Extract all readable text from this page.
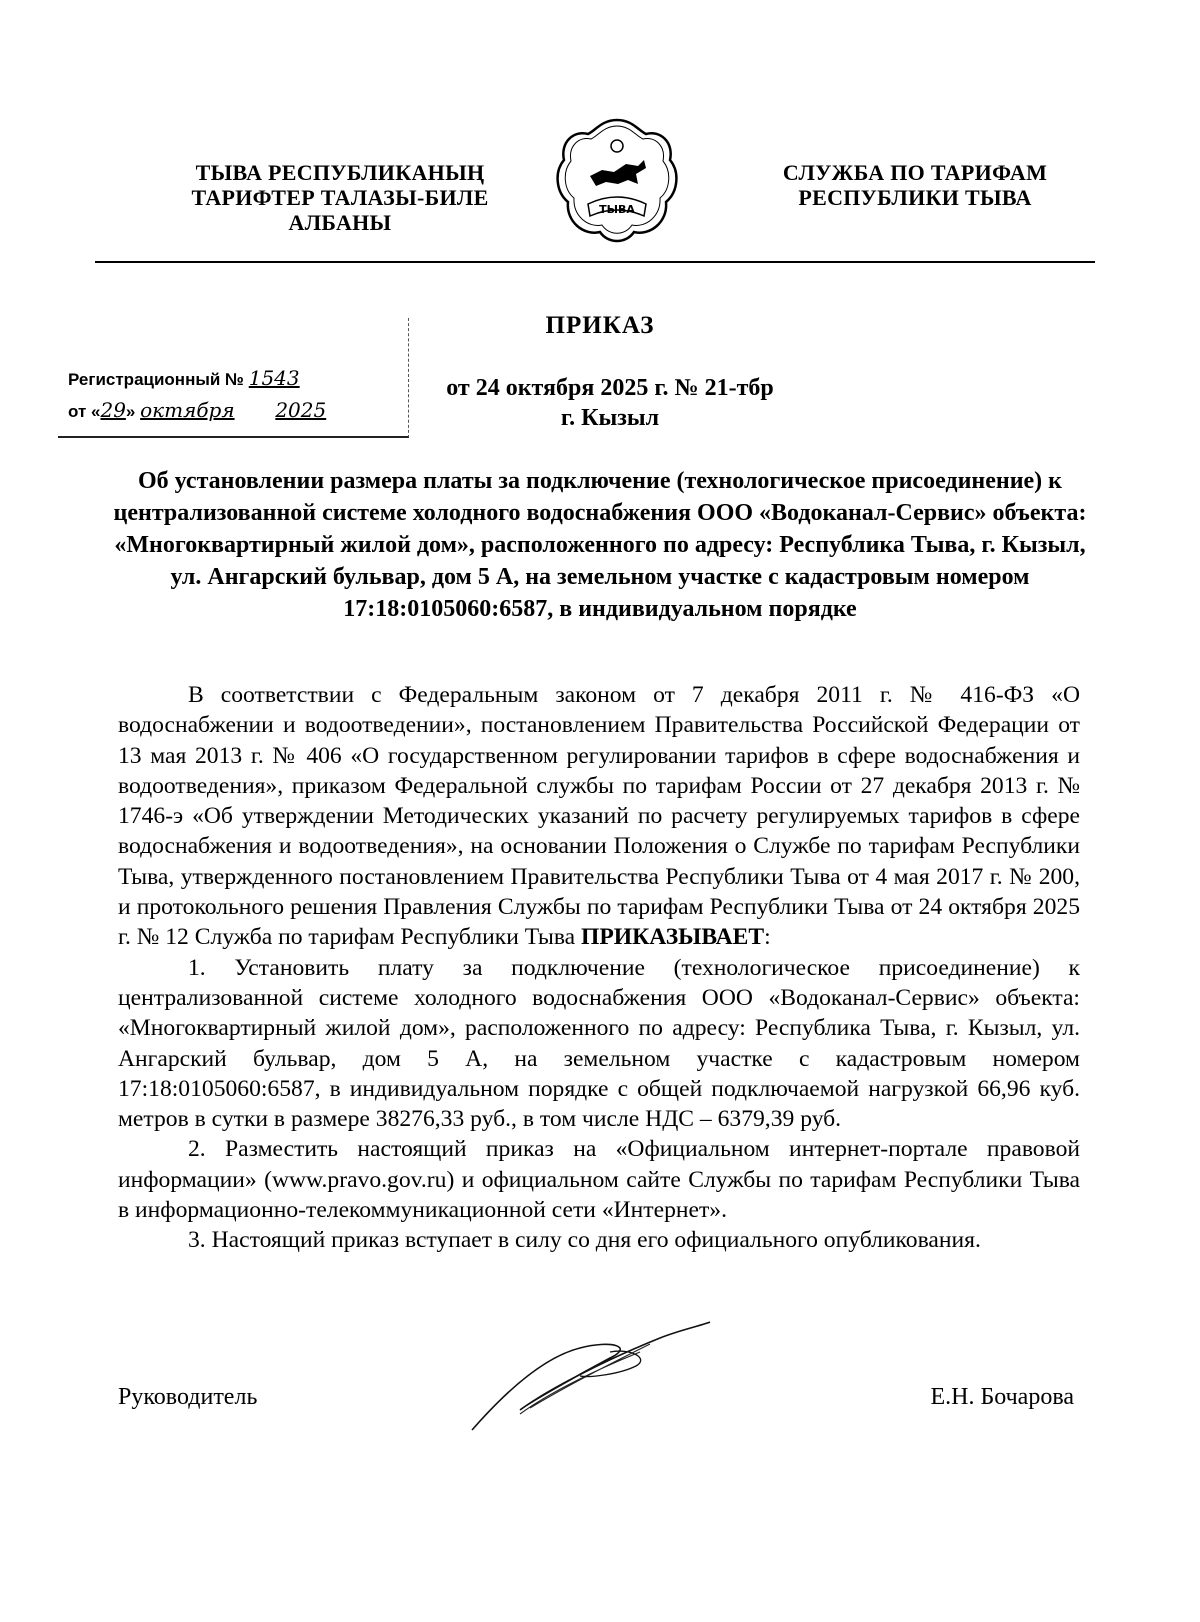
ТЫВА РЕСПУБЛИКАНЫҢ
ТАРИФТЕР ТАЛАЗЫ-БИЛЕ
АЛБАНЫ
ТЫВА
СЛУЖБА ПО ТАРИФАМ
РЕСПУБЛИКИ ТЫВА
Регистрационный № 1543
от «29» октября 2025
ПРИКАЗ
от 24 октября 2025 г. № 21-тбр
г. Кызыл
Об установлении размера платы за подключение (технологическое присоединение) к централизованной системе холодного водоснабжения ООО «Водоканал-Сервис» объекта: «Многоквартирный жилой дом», расположенного по адресу: Республика Тыва, г. Кызыл, ул. Ангарский бульвар, дом 5 А, на земельном участке с кадастровым номером 17:18:0105060:6587, в индивидуальном порядке

В соответствии с Федеральным законом от 7 декабря 2011 г. № 416-ФЗ «О водоснабжении и водоотведении», постановлением Правительства Российской Федерации от 13 мая 2013 г. № 406 «О государственном регулировании тарифов в сфере водоснабжения и водоотведения», приказом Федеральной службы по тарифам России от 27 декабря 2013 г. № 1746-э «Об утверждении Методических указаний по расчету регулируемых тарифов в сфере водоснабжения и водоотведения», на основании Положения о Службе по тарифам Республики Тыва, утвержденного постановлением Правительства Республики Тыва от 4 мая 2017 г. № 200, и протокольного решения Правления Службы по тарифам Республики Тыва от 24 октября 2025 г. № 12 Служба по тарифам Республики Тыва ПРИКАЗЫВАЕТ:

1. Установить плату за подключение (технологическое присоединение) к централизованной системе холодного водоснабжения ООО «Водоканал-Сервис» объекта: «Многоквартирный жилой дом», расположенного по адресу: Республика Тыва, г. Кызыл, ул. Ангарский бульвар, дом 5 А, на земельном участке с кадастровым номером 17:18:0105060:6587, в индивидуальном порядке с общей подключаемой нагрузкой 66,96 куб. метров в сутки в размере 38276,33 руб., в том числе НДС – 6379,39 руб.

2. Разместить настоящий приказ на «Официальном интернет-портале правовой информации» (www.pravo.gov.ru) и официальном сайте Службы по тарифам Республики Тыва в информационно-телекоммуникационной сети «Интернет».

3. Настоящий приказ вступает в силу со дня его официального опубликования.

Руководитель	Е.Н. Бочарова
